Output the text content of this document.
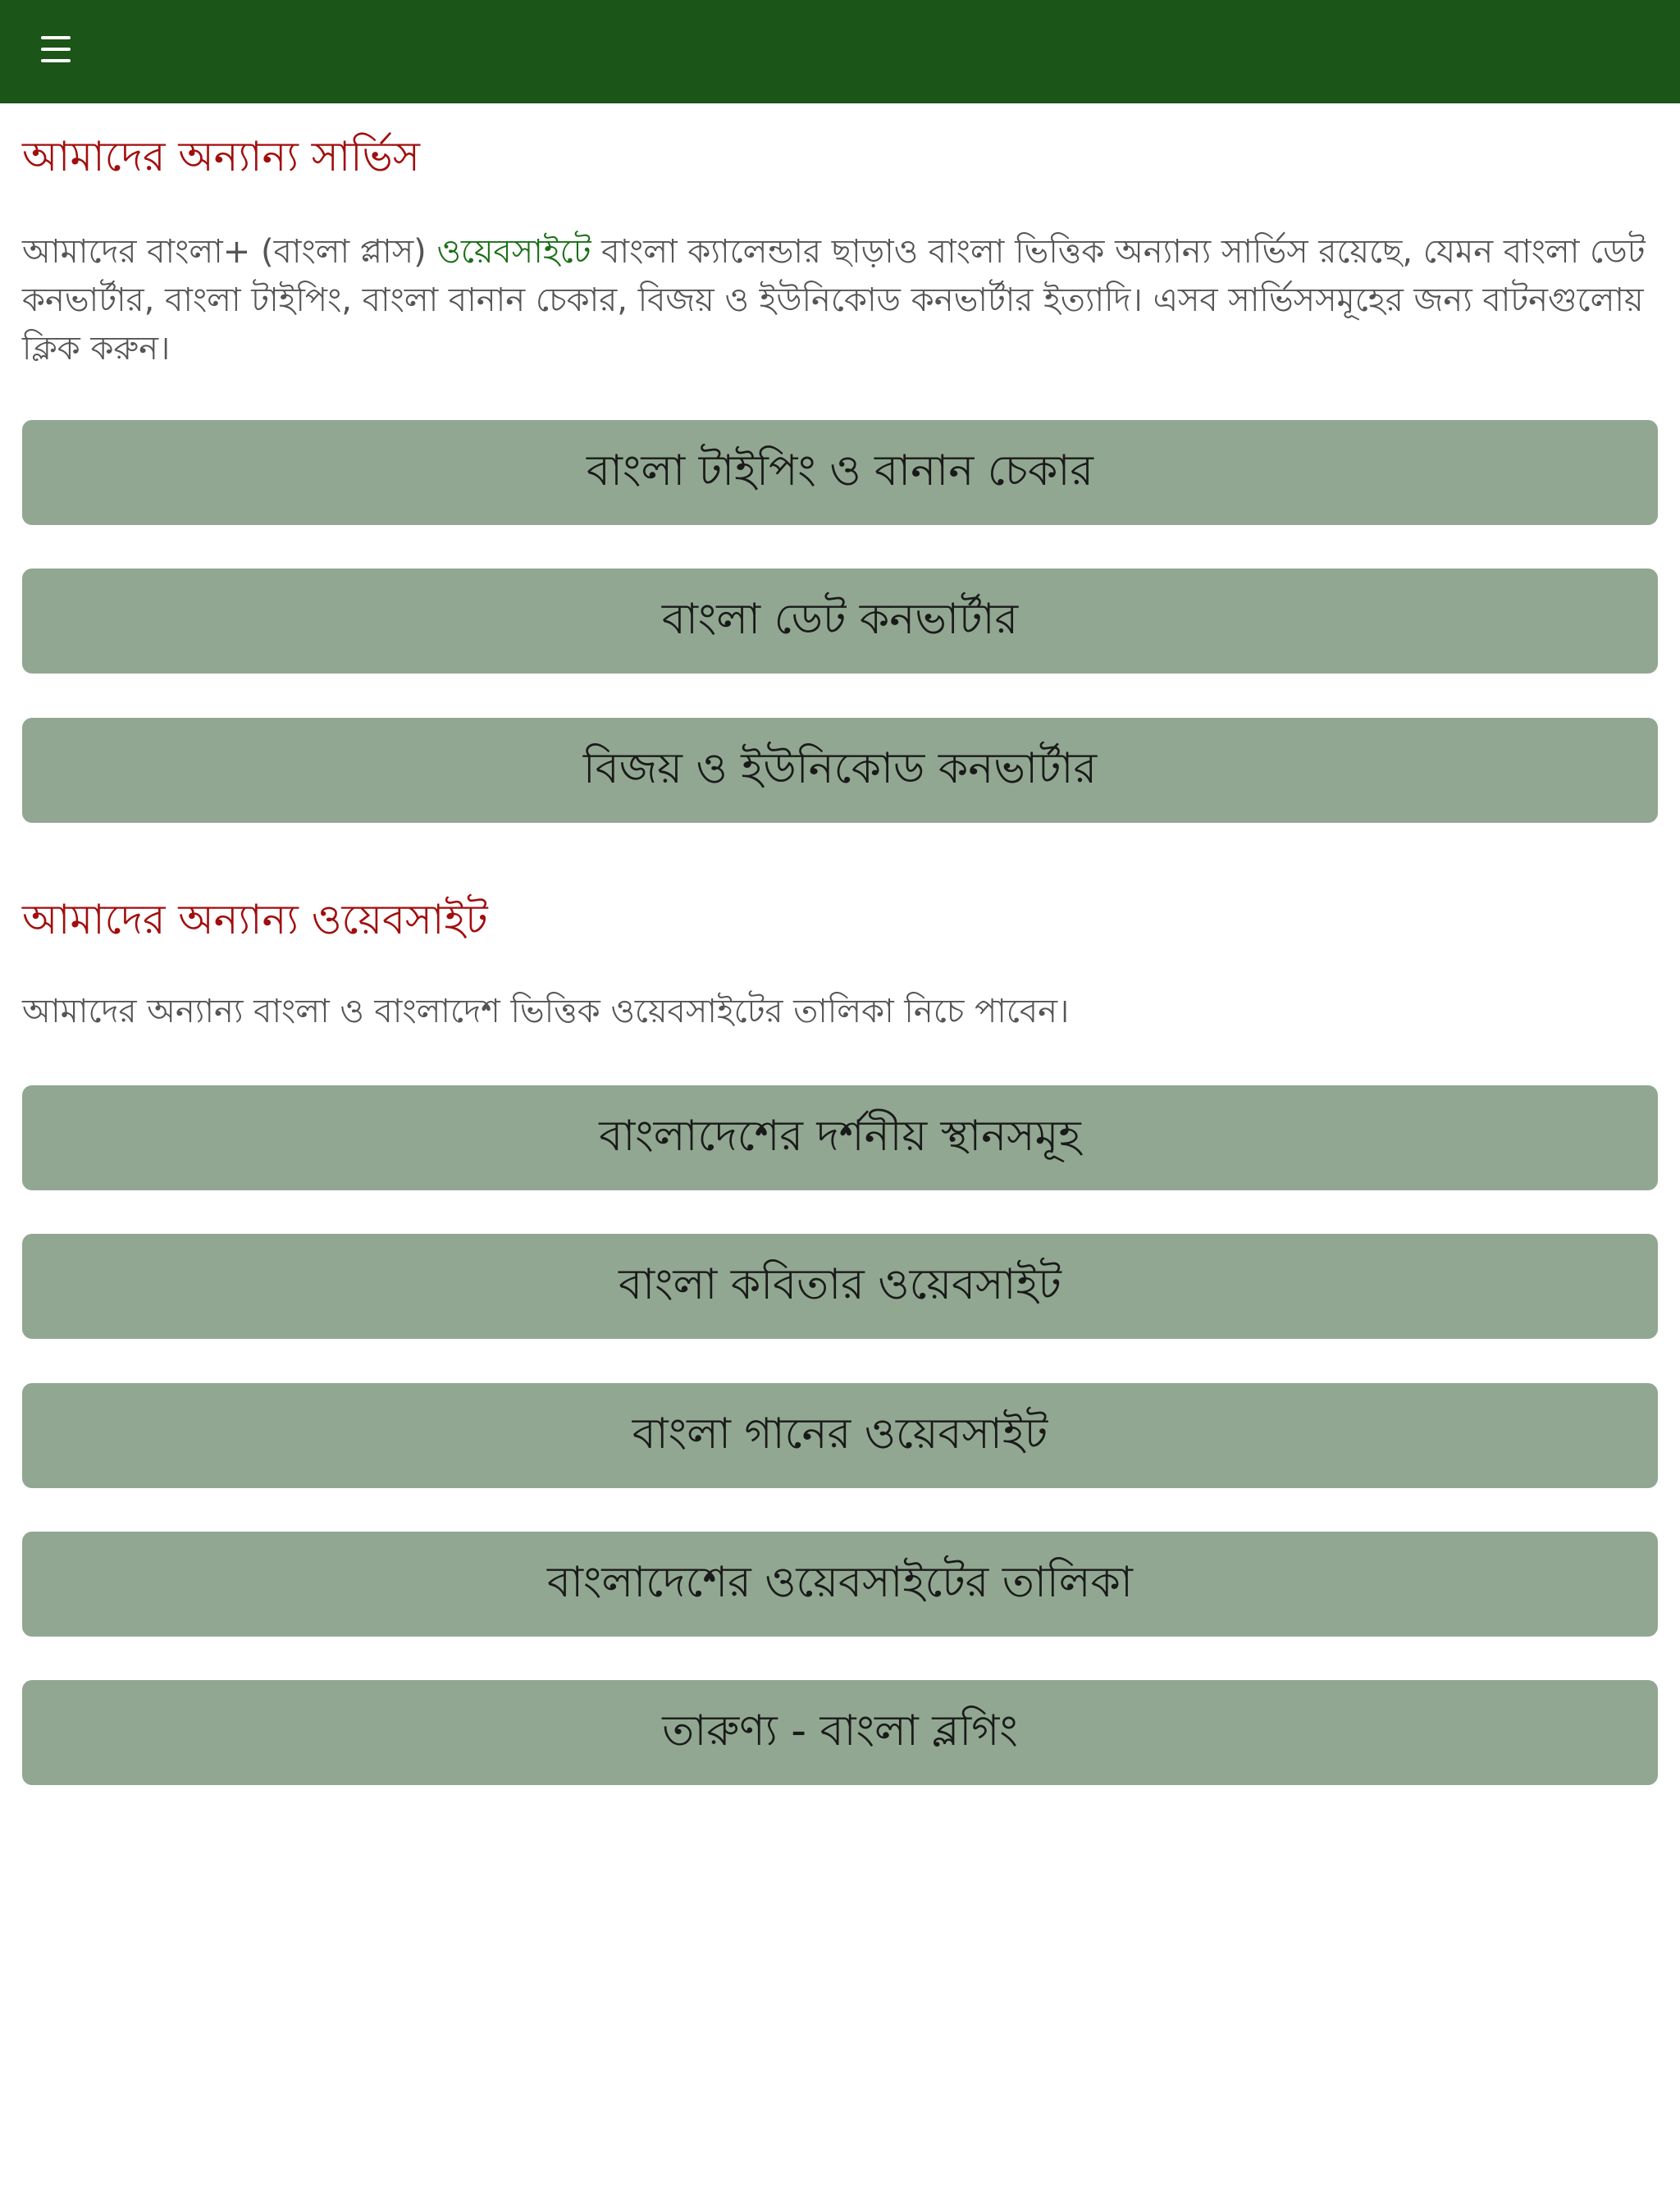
আমাদের অন্যান্য সার্ভিস

আমাদের বাংলা+ (বাংলা প্লাস) ওয়েবসাইটে বাংলা ক্যালেন্ডার ছাড়াও বাংলা ভিত্তিক অন্যান্য সার্ভিস রয়েছে, যেমন বাংলা ডেট কনভার্টার, বাংলা টাইপিং, বাংলা বানান চেকার, বিজয় ও ইউনিকোড কনভার্টার ইত্যাদি। এসব সার্ভিসসমূহের জন্য বাটনগুলোয় ক্লিক করুন।

বাংলা টাইপিং ও বানান চেকার
বাংলা ডেট কনভার্টার
বিজয় ও ইউনিকোড কনভার্টার
আমাদের অন্যান্য ওয়েবসাইট

আমাদের অন্যান্য বাংলা ও বাংলাদেশ ভিত্তিক ওয়েবসাইটের তালিকা নিচে পাবেন।

বাংলাদেশের দর্শনীয় স্থানসমূহ
বাংলা কবিতার ওয়েবসাইট
বাংলা গানের ওয়েবসাইট
বাংলাদেশের ওয়েবসাইটের তালিকা
তারুণ্য - বাংলা ব্লগিং
